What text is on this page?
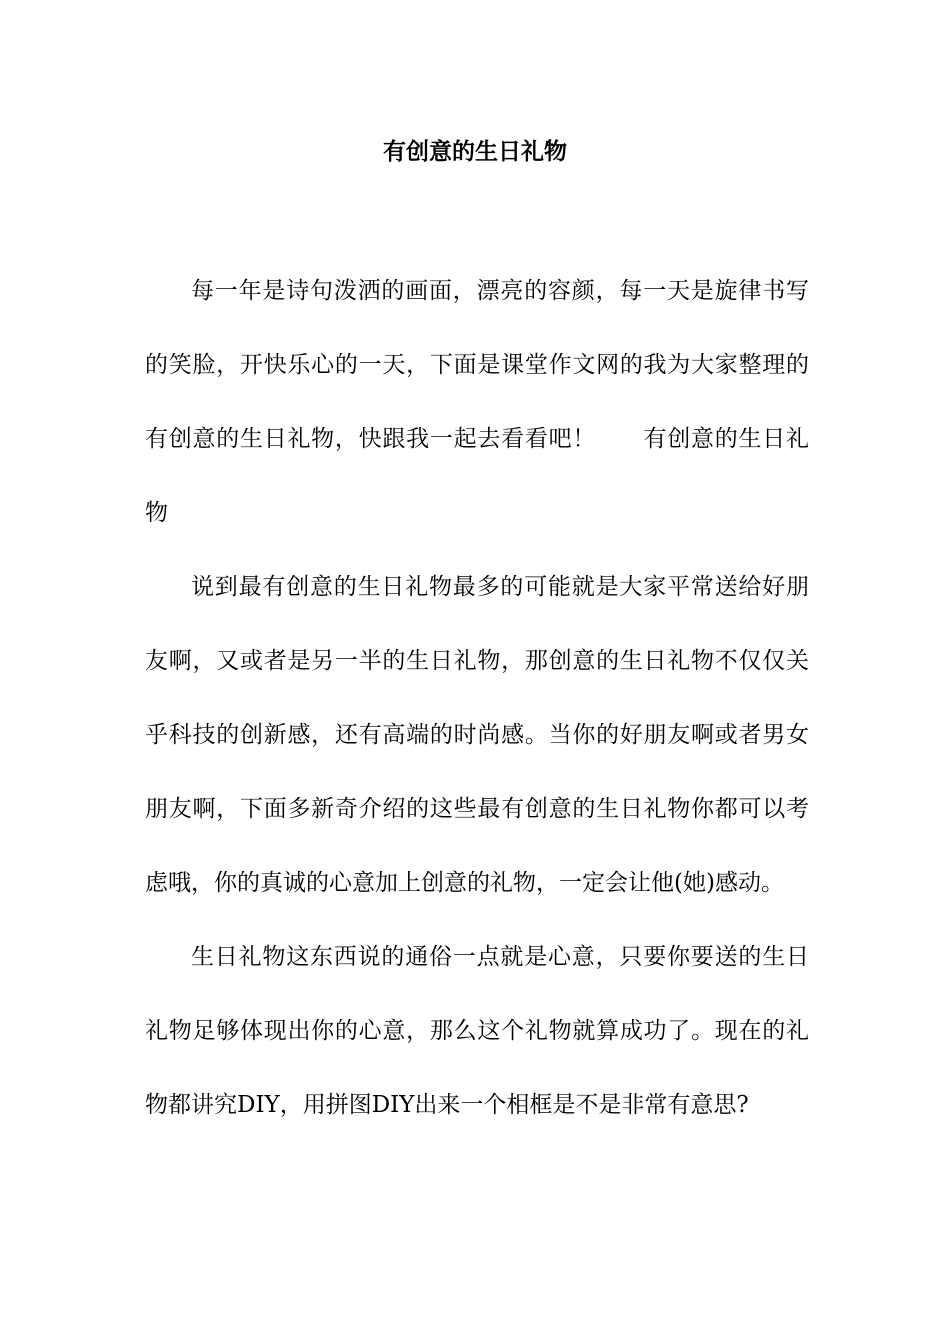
有创意的生日礼物

每一年是诗句泼洒的画面，漂亮的容颜，每一天是旋律书写的笑脸，开快乐心的一天，下面是课堂作文网的我为大家整理的有创意的生日礼物，快跟我一起去看看吧！　　有创意的生日礼物

说到最有创意的生日礼物最多的可能就是大家平常送给好朋友啊，又或者是另一半的生日礼物，那创意的生日礼物不仅仅关乎科技的创新感，还有高端的时尚感。当你的好朋友啊或者男女朋友啊，下面多新奇介绍的这些最有创意的生日礼物你都可以考虑哦，你的真诚的心意加上创意的礼物，一定会让他(她)感动。

生日礼物这东西说的通俗一点就是心意，只要你要送的生日礼物足够体现出你的心意，那么这个礼物就算成功了。现在的礼物都讲究DIY，用拼图DIY出来一个相框是不是非常有意思?
